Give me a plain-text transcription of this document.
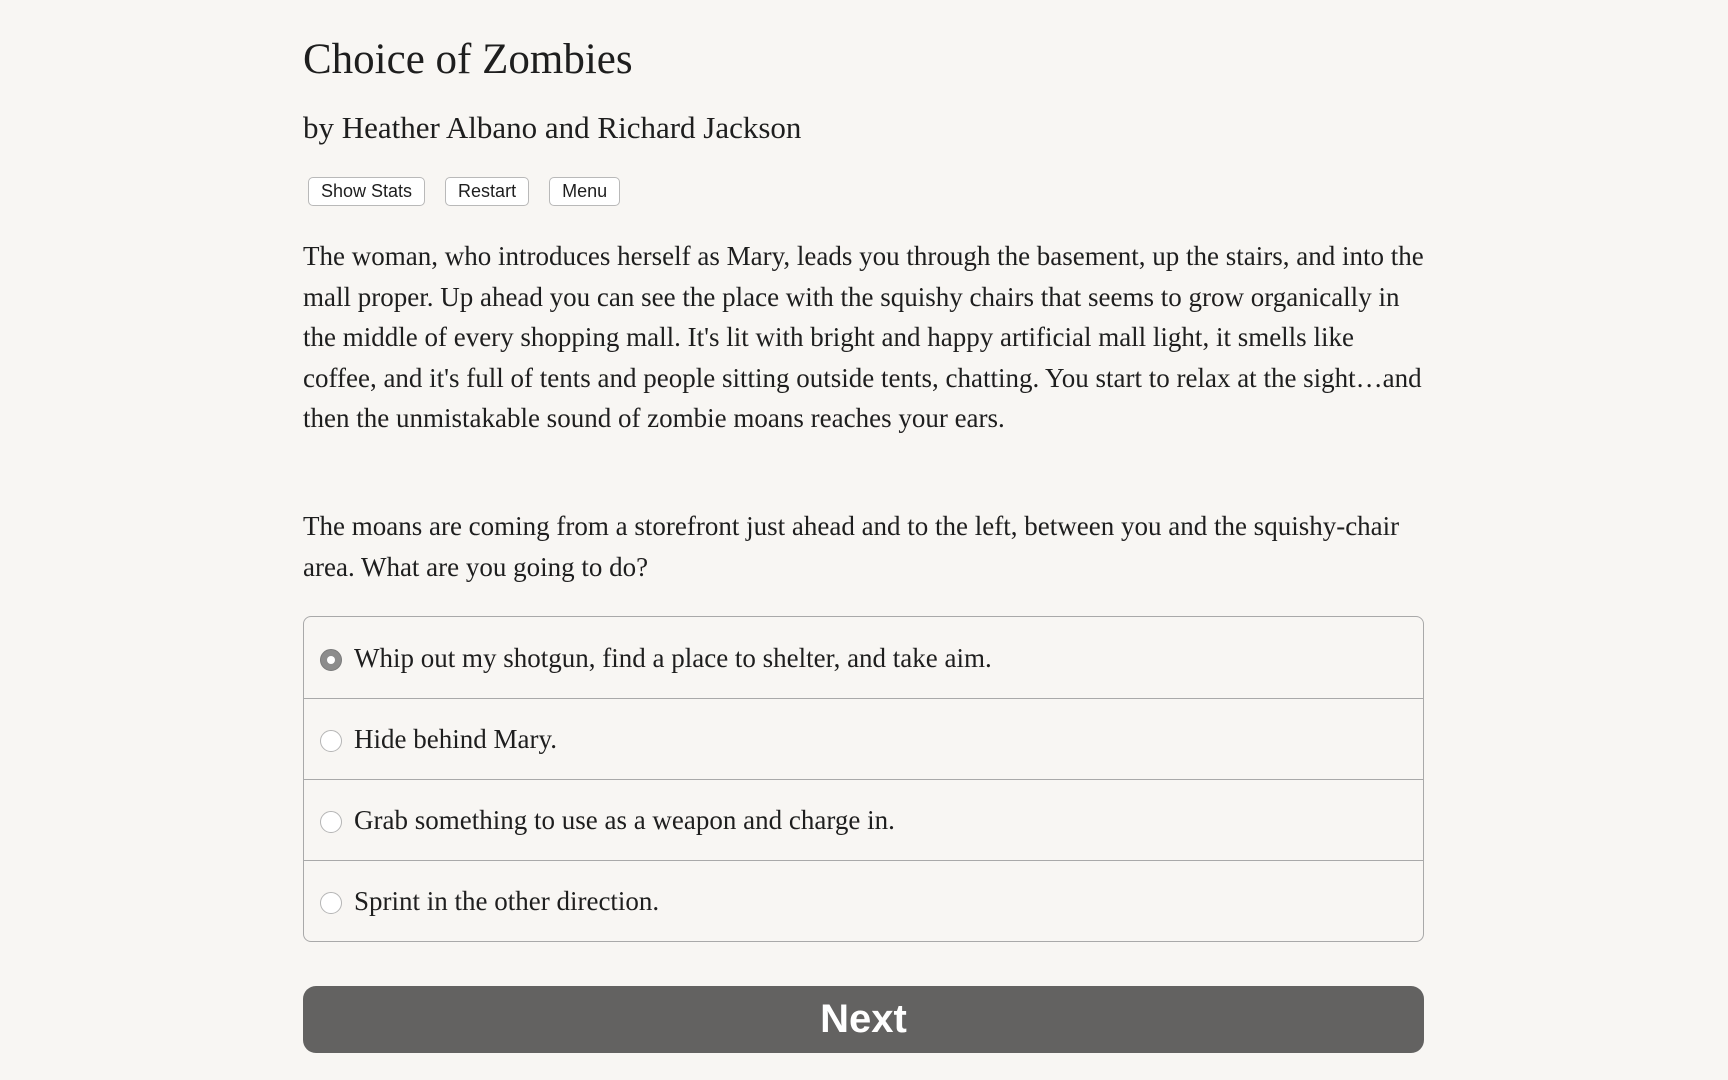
Choice of Zombies
by Heather Albano and Richard Jackson
Show Stats	Restart	Menu

The woman, who introduces herself as Mary, leads you through the basement, up the stairs, and into the mall proper. Up ahead you can see the place with the squishy chairs that seems to grow organically in the middle of every shopping mall. It's lit with bright and happy artificial mall light, it smells like coffee, and it's full of tents and people sitting outside tents, chatting. You start to relax at the sight…and then the unmistakable sound of zombie moans reaches your ears.

The moans are coming from a storefront just ahead and to the left, between you and the squishy-chair area. What are you going to do?

Whip out my shotgun, find a place to shelter, and take aim.
Hide behind Mary.
Grab something to use as a weapon and charge in.
Sprint in the other direction.
Next
